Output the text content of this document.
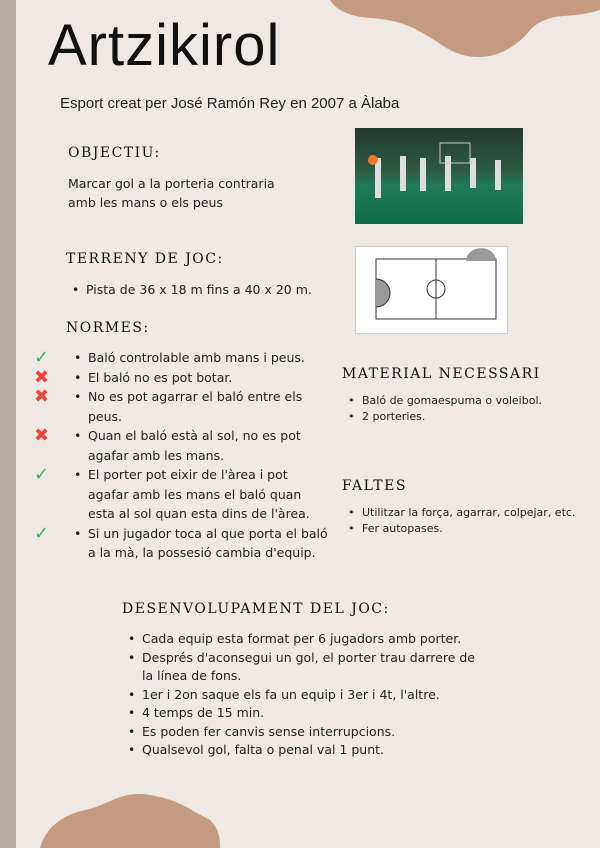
Artzikirol
Esport creat per José Ramón Rey en 2007 a Àlaba
OBJECTIU:
Marcar gol a la porteria contraria
amb les mans o els peus
TERRENY DE JOC:
• Pista de 36 x 18 m fins a 40 x 20 m.
NORMES:
• ✓	Baló controlable amb mans i peus.
• ✖	El baló no es pot botar.
• ✖	No es pot agarrar el baló entre els peus.
• ✖	Quan el baló està al sol, no es pot agafar amb les mans.
• ✓	El porter pot eixir de l'àrea i pot agafar amb les mans el baló quan esta al sol quan esta dins de l'àrea.
• ✓	Si un jugador toca al que porta el baló a la mà, la possesió cambia d'equip.
MATERIAL NECESSARI
• Baló de gomaespuma o voleibol.
• 2 porteries.
FALTES
• Utilitzar la força, agarrar, colpejar, etc.
• Fer autopases.
DESENVOLUPAMENT DEL JOC:
• Cada equip esta format per 6 jugadors amb porter.
• Després d'aconsegui un gol, el porter trau darrere de la línea de fons.
• 1er i 2on saque els fa un equip i 3er i 4t, l'altre.
• 4 temps de 15 min.
• Es poden fer canvis sense interrupcions.
• Qualsevol gol, falta o penal val 1 punt.
